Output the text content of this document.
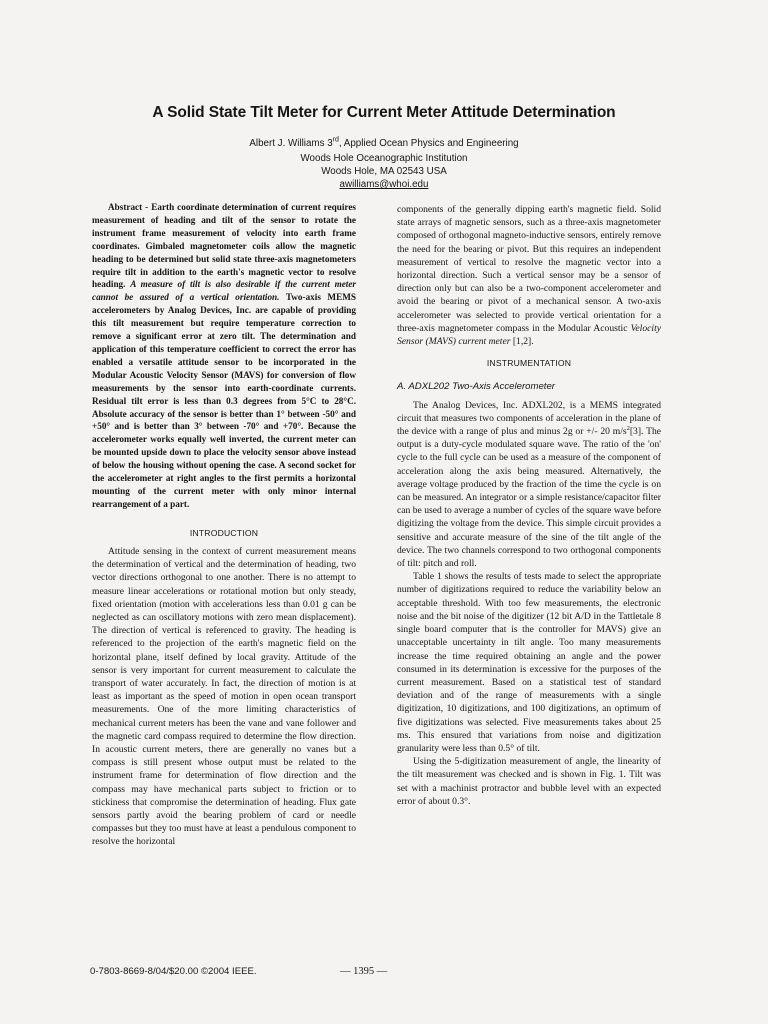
A Solid State Tilt Meter for Current Meter Attitude Determination
Albert J. Williams 3rd, Applied Ocean Physics and Engineering
Woods Hole Oceanographic Institution
Woods Hole, MA 02543 USA
awilliams@whoi.edu

Abstract - Earth coordinate determination of current requires measurement of heading and tilt of the sensor to rotate the instrument frame measurement of velocity into earth frame coordinates. Gimbaled magnetometer coils allow the magnetic heading to be determined but solid state three-axis magnetometers require tilt in addition to the earth's magnetic vector to resolve heading. A measure of tilt is also desirable if the current meter cannot be assured of a vertical orientation. Two-axis MEMS accelerometers by Analog Devices, Inc. are capable of providing this tilt measurement but require temperature correction to remove a significant error at zero tilt. The determination and application of this temperature coefficient to correct the error has enabled a versatile attitude sensor to be incorporated in the Modular Acoustic Velocity Sensor (MAVS) for conversion of flow measurements by the sensor into earth-coordinate currents. Residual tilt error is less than 0.3 degrees from 5°C to 28°C. Absolute accuracy of the sensor is better than 1° between -50° and +50° and is better than 3° between -70° and +70°. Because the accelerometer works equally well inverted, the current meter can be mounted upside down to place the velocity sensor above instead of below the housing without opening the case. A second socket for the accelerometer at right angles to the first permits a horizontal mounting of the current meter with only minor internal rearrangement of a part.

INTRODUCTION

Attitude sensing in the context of current measurement means the determination of vertical and the determination of heading, two vector directions orthogonal to one another. There is no attempt to measure linear accelerations or rotational motion but only steady, fixed orientation (motion with accelerations less than 0.01 g can be neglected as can oscillatory motions with zero mean displacement). The direction of vertical is referenced to gravity. The heading is referenced to the projection of the earth's magnetic field on the horizontal plane, itself defined by local gravity. Attitude of the sensor is very important for current measurement to calculate the transport of water accurately. In fact, the direction of motion is at least as important as the speed of motion in open ocean transport measurements. One of the more limiting characteristics of mechanical current meters has been the vane and vane follower and the magnetic card compass required to determine the flow direction. In acoustic current meters, there are generally no vanes but a compass is still present whose output must be related to the instrument frame for determination of flow direction and the compass may have mechanical parts subject to friction or to stickiness that compromise the determination of heading. Flux gate sensors partly avoid the bearing problem of card or needle compasses but they too must have at least a pendulous component to resolve the horizontal

components of the generally dipping earth's magnetic field. Solid state arrays of magnetic sensors, such as a three-axis magnetometer composed of orthogonal magneto-inductive sensors, entirely remove the need for the bearing or pivot. But this requires an independent measurement of vertical to resolve the magnetic vector into a horizontal direction. Such a vertical sensor may be a sensor of direction only but can also be a two-component accelerometer and avoid the bearing or pivot of a mechanical sensor. A two-axis accelerometer was selected to provide vertical orientation for a three-axis magnetometer compass in the Modular Acoustic Velocity Sensor (MAVS) current meter [1,2].

INSTRUMENTATION

A. ADXL202 Two-Axis Accelerometer

The Analog Devices, Inc. ADXL202, is a MEMS integrated circuit that measures two components of acceleration in the plane of the device with a range of plus and minus 2g or +/- 20 $m/s^2[3]$. The output is a duty-cycle modulated square wave. The ratio of the 'on' cycle to the full cycle can be used as a measure of the component of acceleration along the axis being measured. Alternatively, the average voltage produced by the fraction of the time the cycle is on can be measured. An integrator or a simple resistance/capacitor filter can be used to average a number of cycles of the square wave before digitizing the voltage from the device. This simple circuit provides a sensitive and accurate measure of the sine of the tilt angle of the device. The two channels correspond to two orthogonal components of tilt: pitch and roll.

Table 1 shows the results of tests made to select the appropriate number of digitizations required to reduce the variability below an acceptable threshold. With too few measurements, the electronic noise and the bit noise of the digitizer (12 bit A/D in the Tattletale 8 single board computer that is the controller for MAVS) give an unacceptable uncertainty in tilt angle. Too many measurements increase the time required obtaining an angle and the power consumed in its determination is excessive for the purposes of the current measurement. Based on a statistical test of standard deviation and of the range of measurements with a single digitization, 10 digitizations, and 100 digitizations, an optimum of five digitizations was selected. Five measurements takes about 25 ms. This ensured that variations from noise and digitization granularity were less than 0.5° of tilt.

Using the 5-digitization measurement of angle, the linearity of the tilt measurement was checked and is shown in Fig. 1. Tilt was set with a machinist protractor and bubble level with an expected error of about 0.3°.

0-7803-8669-8/04/$20.00 ©2004 IEEE.	— 1395 —
